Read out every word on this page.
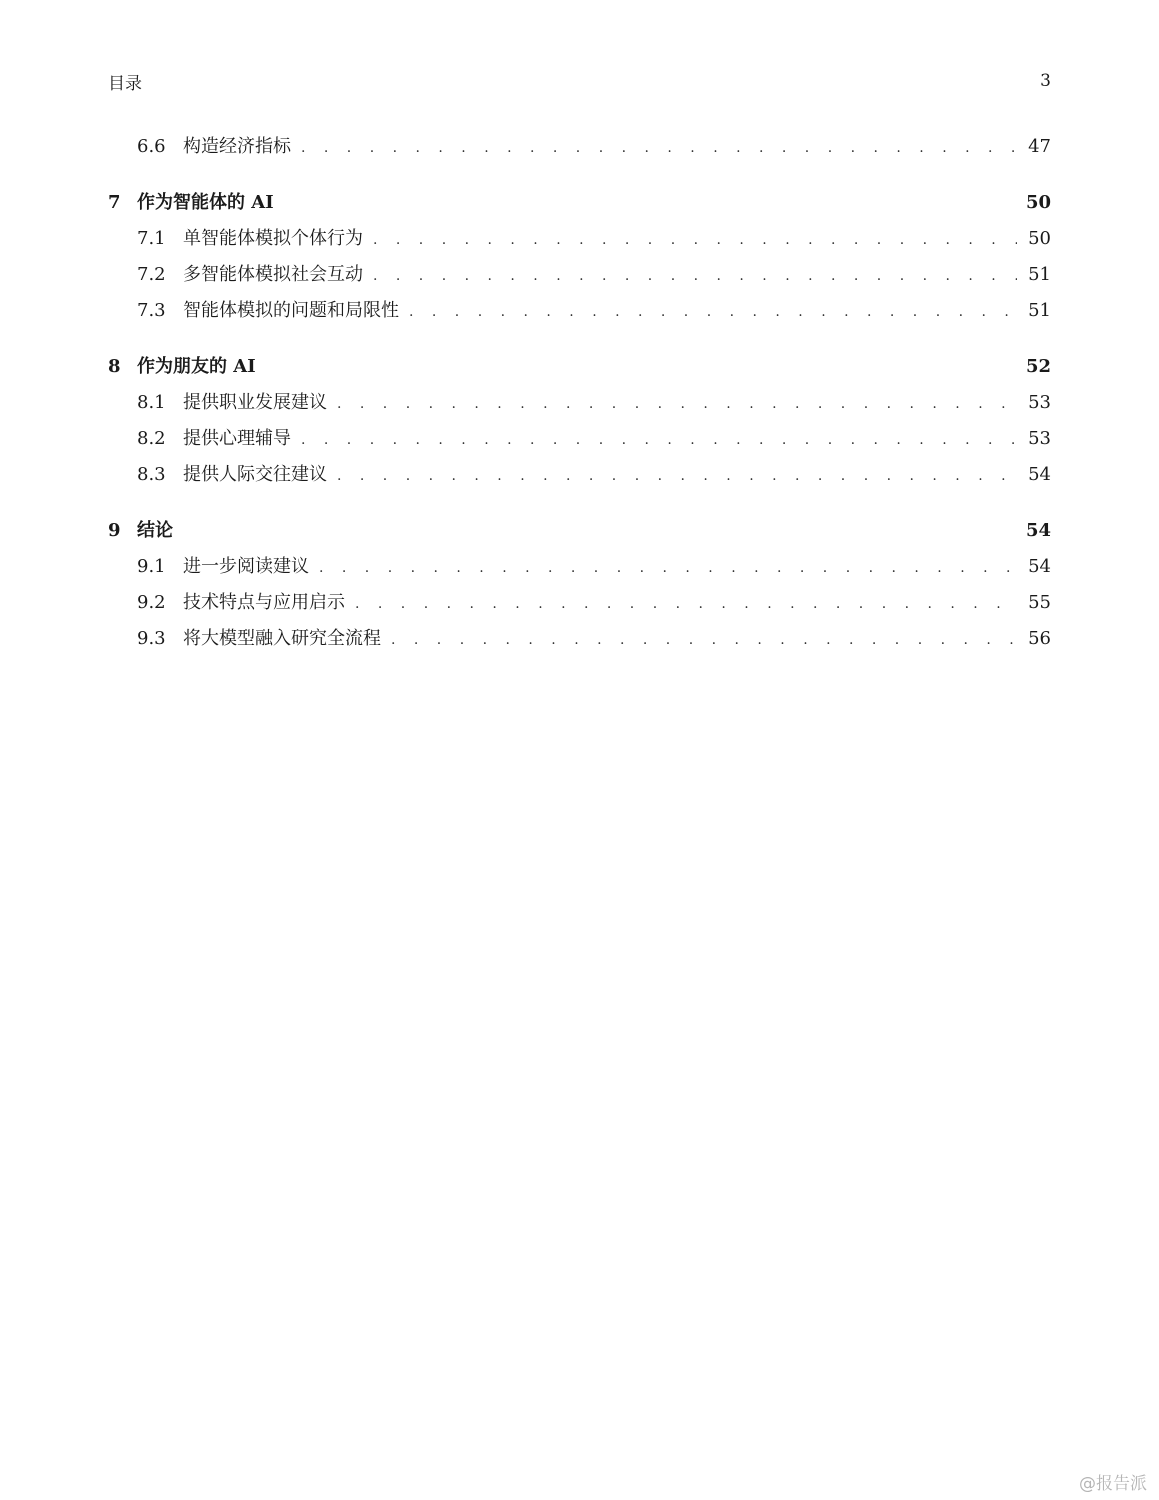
目录	3
6.6 构造经济指标 . . .	47
7 作为智能体的 AI	50
7.1 单智能体模拟个体行为 . . .	50
7.2 多智能体模拟社会互动 . . .	51
7.3 智能体模拟的问题和局限性 . . .	51
8 作为朋友的 AI	52
8.1 提供职业发展建议 . . .	53
8.2 提供心理辅导 . . .	53
8.3 提供人际交往建议 . . .	54
9 结论	54
9.1 进一步阅读建议 . . .	54
9.2 技术特点与应用启示 . . .	55
9.3 将大模型融入研究全流程 . . .	56
@报告派
